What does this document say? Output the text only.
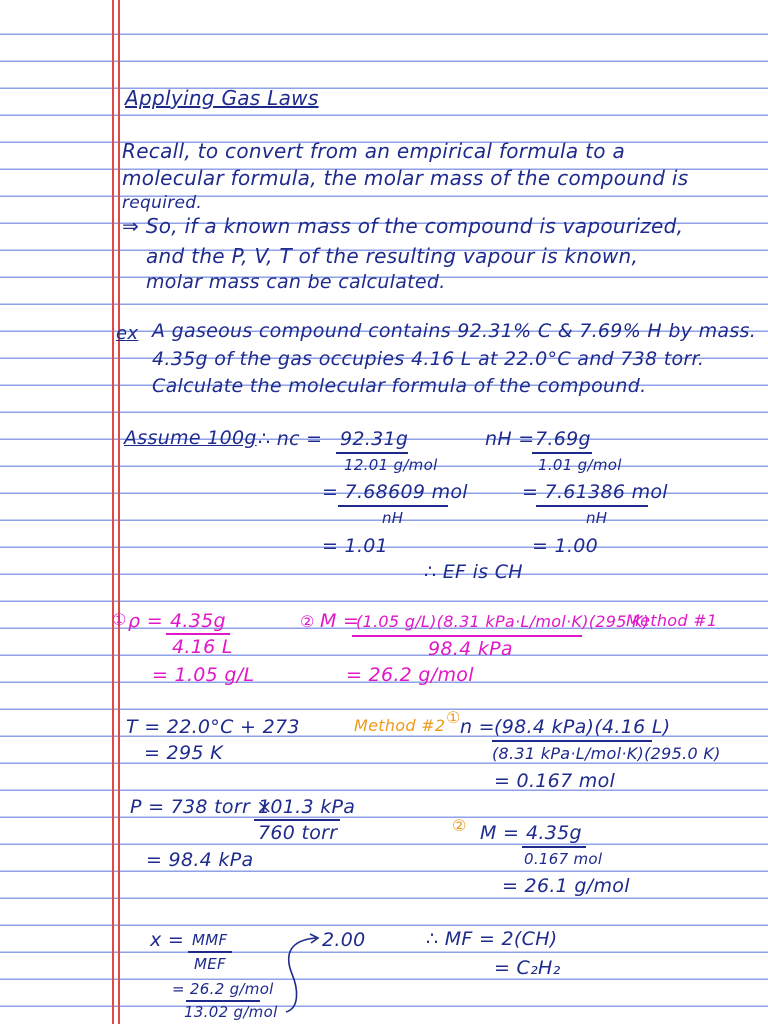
Applying Gas Laws
Recall, to convert from an empirical formula to a
molecular formula, the molar mass of the compound is
required.
⇒ So, if a known mass of the compound is vapourized,
and the P, V, T of the resulting vapour is known,
molar mass can be calculated.
ex A gaseous compound contains 92.31% C & 7.69% H by mass.
4.35g of the gas occupies 4.16 L at 22.0°C and 738 torr.
Calculate the molecular formula of the compound.
Assume 100g ∴ nc = 92.31g
12.01 g/mol
= 7.68609 mol
nH
= 1.01
nH = 7.69g
1.01 g/mol
= 7.61386 mol
nH
= 1.00
∴ EF is CH
① ρ = 4.35g
4.16 L
= 1.05 g/L
② M =
(1.05 g/L)(8.31 kPa·L/mol·K)(295 K)
98.4 kPa
= 26.2 g/mol
Method #1
T = 22.0°C + 273
= 295 K
P = 738 torr ×
101.3 kPa
760 torr
= 98.4 kPa
Method #2 ① n = (98.4 kPa)(4.16 L)
(8.31 kPa·L/mol·K)(295.0 K)
= 0.167 mol
② M = 4.35g
0.167 mol
= 26.1 g/mol
x = MMF
MEF
= 26.2 g/mol
13.02 g/mol
2.00	∴ MF = 2(CH)
= C₂H₂
